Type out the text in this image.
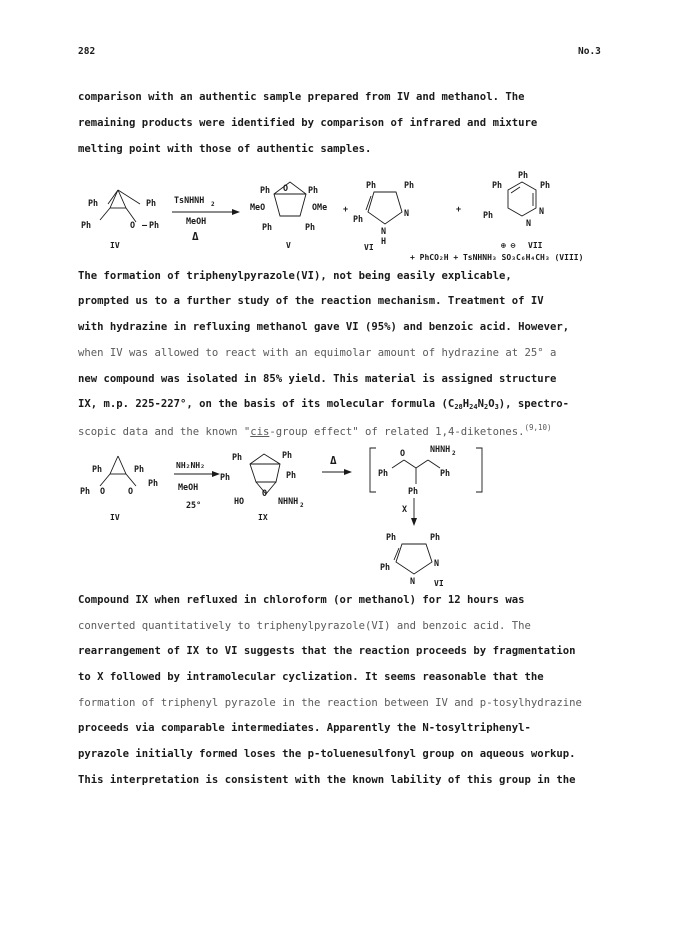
282	No.3
comparison with an authentic sample prepared from IV and methanol. The
remaining products were identified by comparison of infrared and mixture
melting point with those of authentic samples.
Ph	Ph
Ph	O – Ph
IV
TsNHNH 2
MeOH
Δ
O
Ph	Ph
MeO	OMe
Ph	Ph
V
+
Ph	Ph
Ph
N
N
H
VI
+
Ph
Ph	Ph
Ph	N
N
⊕ ⊖ VII
+ PhCO₂H + TsNHNH₃ SO₃C₆H₄CH₃ (VIII)
The formation of triphenylpyrazole(VI), not being easily explicable,
prompted us to a further study of the reaction mechanism. Treatment of IV
with hydrazine in refluxing methanol gave VI (95%) and benzoic acid. However,
when IV was allowed to react with an equimolar amount of hydrazine at 25° a
new compound was isolated in 85% yield. This material is assigned structure
IX, m.p. 225-227°, on the basis of its molecular formula $(C_{28}H_{24}N_2O_3)$, spectro-
scopic data and the known "cis-group effect" of related 1,4-diketones.$^{(9,10)}$
Ph	Ph
Ph O	O
Ph
IV
NH₂NH₂
MeOH
25°
Ph	Ph
Ph	Ph
O
HO	NHNH 2
IX
Δ
O	NHNH 2
Ph	Ph
Ph
X
Ph	Ph
Ph	N
N VI
Compound IX when refluxed in chloroform (or methanol) for 12 hours was
converted quantitatively to triphenylpyrazole(VI) and benzoic acid. The
rearrangement of IX to VI suggests that the reaction proceeds by fragmentation
to X followed by intramolecular cyclization. It seems reasonable that the
formation of triphenyl pyrazole in the reaction between IV and p-tosylhydrazine
proceeds via comparable intermediates. Apparently the N-tosyltriphenyl-
pyrazole initially formed loses the p-toluenesulfonyl group on aqueous workup.
This interpretation is consistent with the known lability of this group in the
